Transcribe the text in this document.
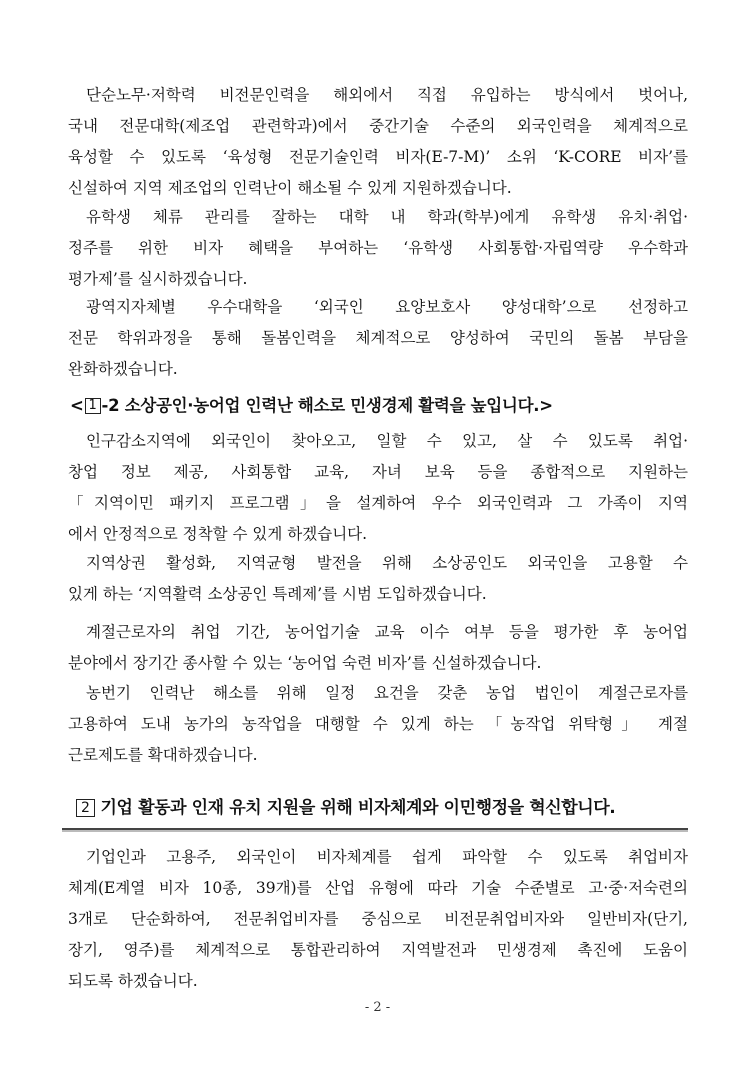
단순노무·저학력 비전문인력을 해외에서 직접 유입하는 방식에서 벗어나,
국내 전문대학(제조업 관련학과)에서 중간기술 수준의 외국인력을 체계적으로
육성할 수 있도록 ‘육성형 전문기술인력 비자(E-7-M)’ 소위 ‘K-CORE 비자’를
신설하여 지역 제조업의 인력난이 해소될 수 있게 지원하겠습니다.
유학생 체류 관리를 잘하는 대학 내 학과(학부)에게 유학생 유치·취업·
정주를 위한 비자 혜택을 부여하는 ‘유학생 사회통합·자립역량 우수학과
평가제’를 실시하겠습니다.
광역지자체별 우수대학을 ‘외국인 요양보호사 양성대학’으로 선정하고
전문 학위과정을 통해 돌봄인력을 체계적으로 양성하여 국민의 돌봄 부담을
완화하겠습니다.
< 1 -2 소상공인·농어업 인력난 해소로 민생경제 활력을 높입니다.>
인구감소지역에 외국인이 찾아오고, 일할 수 있고, 살 수 있도록 취업·
창업 정보 제공, 사회통합 교육, 자녀 보육 등을 종합적으로 지원하는
「지역이민 패키지 프로그램」을 설계하여 우수 외국인력과 그 가족이 지역
에서 안정적으로 정착할 수 있게 하겠습니다.
지역상권 활성화, 지역균형 발전을 위해 소상공인도 외국인을 고용할 수
있게 하는 ‘지역활력 소상공인 특례제’를 시범 도입하겠습니다.
계절근로자의 취업 기간, 농어업기술 교육 이수 여부 등을 평가한 후 농어업
분야에서 장기간 종사할 수 있는 ‘농어업 숙련 비자’를 신설하겠습니다.
농번기 인력난 해소를 위해 일정 요건을 갖춘 농업 법인이 계절근로자를
고용하여 도내 농가의 농작업을 대행할 수 있게 하는 「농작업 위탁형」 계절
근로제도를 확대하겠습니다.
2 기업 활동과 인재 유치 지원을 위해 비자체계와 이민행정을 혁신합니다.
기업인과 고용주, 외국인이 비자체계를 쉽게 파악할 수 있도록 취업비자
체계(E계열 비자 10종, 39개)를 산업 유형에 따라 기술 수준별로 고·중·저숙련의
3개로 단순화하여, 전문취업비자를 중심으로 비전문취업비자와 일반비자(단기,
장기, 영주)를 체계적으로 통합관리하여 지역발전과 민생경제 촉진에 도움이
되도록 하겠습니다.
- 2 -
